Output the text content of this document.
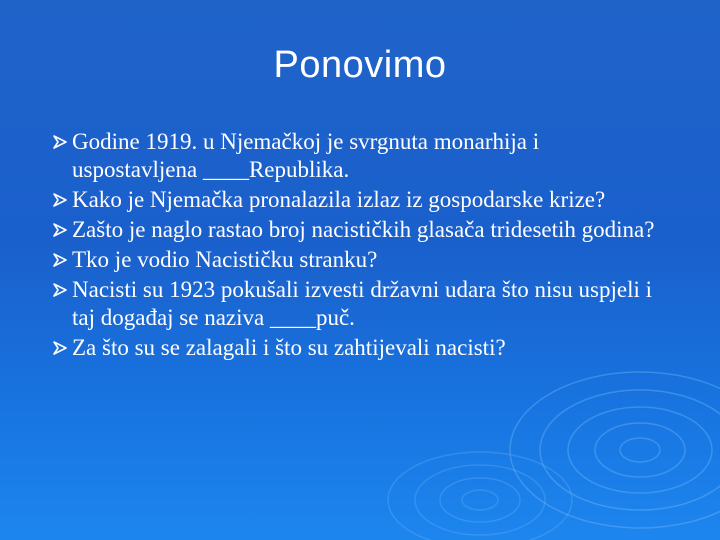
Ponovimo
Godine 1919. u Njemačkoj je svrgnuta monarhija i uspostavljena ____Republika.
Kako je Njemačka pronalazila izlaz iz gospodarske krize?
Zašto je naglo rastao broj nacističkih glasača tridesetih godina?
Tko je vodio Nacističku stranku?
Nacisti su 1923 pokušali izvesti državni udara što nisu uspjeli i taj događaj se naziva ____puč.
Za što su se zalagali i što su zahtijevali nacisti?
